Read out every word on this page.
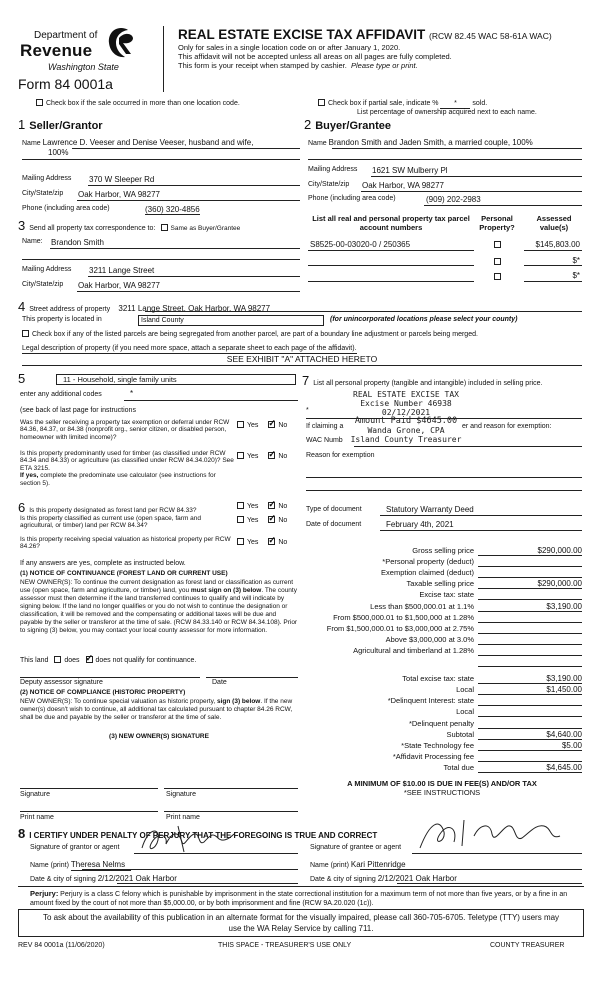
Department of
Revenue
Washington State
Form 84 0001a
REAL ESTATE EXCISE TAX AFFIDAVIT (RCW 82.45 WAC 58-61A WAC)
Only for sales in a single location code on or after January 1, 2020.
This affidavit will not be accepted unless all areas on all pages are fully completed.
This form is your receipt when stamped by cashier. Please type or print.
Check box if the sale occurred in more than one location code.	Check box if partial sale, indicate % * sold.
List percentage of ownership acquired next to each name.
1 Seller/Grantor
Name Lawrence D. Veeser and Denise Veeser, husband and wife,
100%
Mailing Address 370 W Sleeper Rd
City/State/zip Oak Harbor, WA 98277
Phone (including area code)	(360) 320-4856
2 Buyer/Grantee
Name Brandon Smith and Jaden Smith, a married couple, 100%
Mailing Address 1621 SW Mulberry Pl
City/State/zip Oak Harbor, WA 98277
Phone (including area code)	(909) 202-2983
3 Send all property tax correspondence to: Same as Buyer/Grantee
Name: Brandon Smith
Mailing Address 3211 Lange Street
City/State/zip Oak Harbor, WA 98277
List all real and personal property tax parcel account numbers
Personal Property?
Assessed value(s)
S8525-00-03020-0 / 250365	$145,803.00
$*
$*
4 Street address of property 3211 Lange Street, Oak Harbor, WA 98277
This property is located in	Island County	(for unincorporated locations please select your county)
Check box if any of the listed parcels are being segregated from another parcel, are part of a boundary line adjustment or parcels being merged.
Legal description of property (if you need more space, attach a separate sheet to each page of the affidavit).
SEE EXHIBIT "A" ATTACHED HERETO
5	11 - Household, single family units
enter any additional codes	*
(see back of last page for instructions
Was the seller receiving a property tax exemption or deferral under RCW 84.36, 84.37, or 84.38 (nonprofit org., senior citizen, or disabled person, homeowner with limited income)?
Yes ✓	No
Is this property predominantly used for timber (as classified under RCW 84.34 and 84.33) or agriculture (as classified under RCW 84.34.020)? See ETA 3215.
If yes, complete the predominate use calculator (see instructions for section 5).
Yes ✓	No
6 Is this property designated as forest land per RCW 84.33?
Yes ✓	No
Is this property classified as current use (open space, farm and agricultural, or timber) land per RCW 84.34?
Yes ✓	No
Is this property receiving special valuation as historical property per RCW 84.26?
Yes ✓	No
If any answers are yes, complete as instructed below.
(1) NOTICE OF CONTINUANCE (FOREST LAND OR CURRENT USE)
NEW OWNER(S): To continue the current designation as forest land or classification as current use (open space, farm and agriculture, or timber) land, you must sign on (3) below. The county assessor must then determine if the land transferred continues to qualify and will indicate by signing below. If the land no longer qualifies or you do not wish to continue the designation or classification, it will be removed and the compensating or additional taxes will be due and payable by the seller or transferor at the time of sale. (RCW 84.33.140 or RCW 84.34.108). Prior to signing (3) below, you may contact your local county assessor for more information.
This land does ✓ does not qualify for continuance.
Deputy assessor signature	Date
(2) NOTICE OF COMPLIANCE (HISTORIC PROPERTY)
NEW OWNER(S): To continue special valuation as historic property, sign (3) below. If the new owner(s) doesn't wish to continue, all additional tax calculated pursuant to chapter 84.26 RCW, shall be due and payable by the seller or transferor at the time of sale.
(3) NEW OWNER(S) SIGNATURE
Signature	Signature
Print name	Print name
7 List all personal property (tangible and intangible) included in selling price.
*
If claiming a	er and reason for exemption:
WAC Numb
Reason for exemption
REAL ESTATE EXCISE TAX
Excise Number 46938
02/12/2021
Amount Paid $4645.00
Wanda Grone, CPA
Island County Treasurer
Type of document	Statutory Warranty Deed
Date of document	February 4th, 2021
Gross selling price	$290,000.00
*Personal property (deduct)
Exemption claimed (deduct)
Taxable selling price	$290,000.00
Excise tax: state
Less than $500,000.01 at 1.1%	$3,190.00
From $500,000.01 to $1,500,000 at 1.28%
From $1,500,000.01 to $3,000,000 at 2.75%
Above $3,000,000 at 3.0%
Agricultural and timberland at 1.28%
Total excise tax: state	$3,190.00
Local	$1,450.00
*Delinquent Interest: state
Local
*Delinquent penalty
Subtotal	$4,640.00
*State Technology fee	$5.00
*Affidavit Processing fee
Total due	$4,645.00
A MINIMUM OF $10.00 IS DUE IN FEE(S) AND/OR TAX
*SEE INSTRUCTIONS
8 I CERTIFY UNDER PENALTY OF PERJURY THAT THE FOREGOING IS TRUE AND CORRECT
Signature of grantor or agent
Name (print) Theresa Nelms
Date & city of signing 2/12/2021 Oak Harbor
Signature of grantee or agent
Name (print) Kari Pittenridge
Date & city of signing 2/12/2021 Oak Harbor
Perjury: Perjury is a class C felony which is punishable by imprisonment in the state correctional institution for a maximum term of not more than five years, or by a fine in an amount fixed by the court of not more than $5,000.00, or by both imprisonment and fine (RCW 9A.20.020 (1c)).
To ask about the availability of this publication in an alternate format for the visually impaired, please call 360-705-6705. Teletype (TTY) users may use the WA Relay Service by calling 711.
REV 84 0001a (11/06/2020)	THIS SPACE - TREASURER'S USE ONLY	COUNTY TREASURER
